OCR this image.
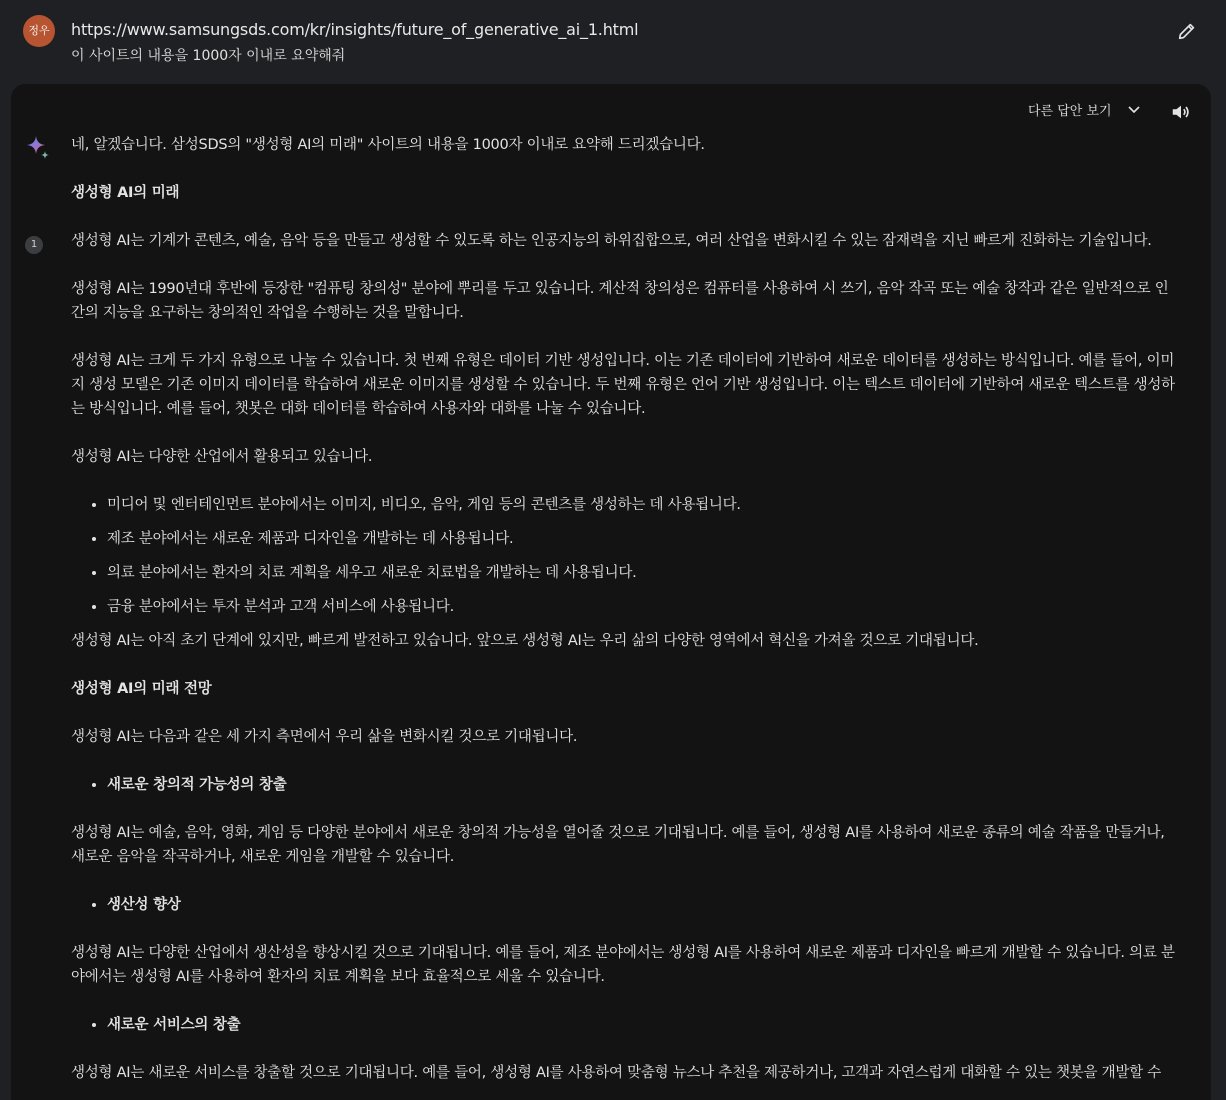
정우	https://www.samsungsds.com/kr/insights/future_of_generative_ai_1.html
이 사이트의 내용을 1000자 이내로 요약해줘
다른 답안 보기
1

네, 알겠습니다. 삼성SDS의 "생성형 AI의 미래" 사이트의 내용을 1000자 이내로 요약해 드리겠습니다.

생성형 AI의 미래

생성형 AI는 기계가 콘텐츠, 예술, 음악 등을 만들고 생성할 수 있도록 하는 인공지능의 하위집합으로, 여러 산업을 변화시킬 수 있는 잠재력을 지닌 빠르게 진화하는 기술입니다.

생성형 AI는 1990년대 후반에 등장한 "컴퓨팅 창의성" 분야에 뿌리를 두고 있습니다. 계산적 창의성은 컴퓨터를 사용하여 시 쓰기, 음악 작곡 또는 예술 창작과 같은 일반적으로 인간의 지능을 요구하는 창의적인 작업을 수행하는 것을 말합니다.

생성형 AI는 크게 두 가지 유형으로 나눌 수 있습니다. 첫 번째 유형은 데이터 기반 생성입니다. 이는 기존 데이터에 기반하여 새로운 데이터를 생성하는 방식입니다. 예를 들어, 이미지 생성 모델은 기존 이미지 데이터를 학습하여 새로운 이미지를 생성할 수 있습니다. 두 번째 유형은 언어 기반 생성입니다. 이는 텍스트 데이터에 기반하여 새로운 텍스트를 생성하는 방식입니다. 예를 들어, 챗봇은 대화 데이터를 학습하여 사용자와 대화를 나눌 수 있습니다.

생성형 AI는 다양한 산업에서 활용되고 있습니다.

• 미디어 및 엔터테인먼트 분야에서는 이미지, 비디오, 음악, 게임 등의 콘텐츠를 생성하는 데 사용됩니다.
• 제조 분야에서는 새로운 제품과 디자인을 개발하는 데 사용됩니다.
• 의료 분야에서는 환자의 치료 계획을 세우고 새로운 치료법을 개발하는 데 사용됩니다.
• 금융 분야에서는 투자 분석과 고객 서비스에 사용됩니다.

생성형 AI는 아직 초기 단계에 있지만, 빠르게 발전하고 있습니다. 앞으로 생성형 AI는 우리 삶의 다양한 영역에서 혁신을 가져올 것으로 기대됩니다.

생성형 AI의 미래 전망

생성형 AI는 다음과 같은 세 가지 측면에서 우리 삶을 변화시킬 것으로 기대됩니다.

• 새로운 창의적 가능성의 창출

생성형 AI는 예술, 음악, 영화, 게임 등 다양한 분야에서 새로운 창의적 가능성을 열어줄 것으로 기대됩니다. 예를 들어, 생성형 AI를 사용하여 새로운 종류의 예술 작품을 만들거나, 새로운 음악을 작곡하거나, 새로운 게임을 개발할 수 있습니다.

• 생산성 향상

생성형 AI는 다양한 산업에서 생산성을 향상시킬 것으로 기대됩니다. 예를 들어, 제조 분야에서는 생성형 AI를 사용하여 새로운 제품과 디자인을 빠르게 개발할 수 있습니다. 의료 분야에서는 생성형 AI를 사용하여 환자의 치료 계획을 보다 효율적으로 세울 수 있습니다.

• 새로운 서비스의 창출

생성형 AI는 새로운 서비스를 창출할 것으로 기대됩니다. 예를 들어, 생성형 AI를 사용하여 맞춤형 뉴스나 추천을 제공하거나, 고객과 자연스럽게 대화할 수 있는 챗봇을 개발할 수
